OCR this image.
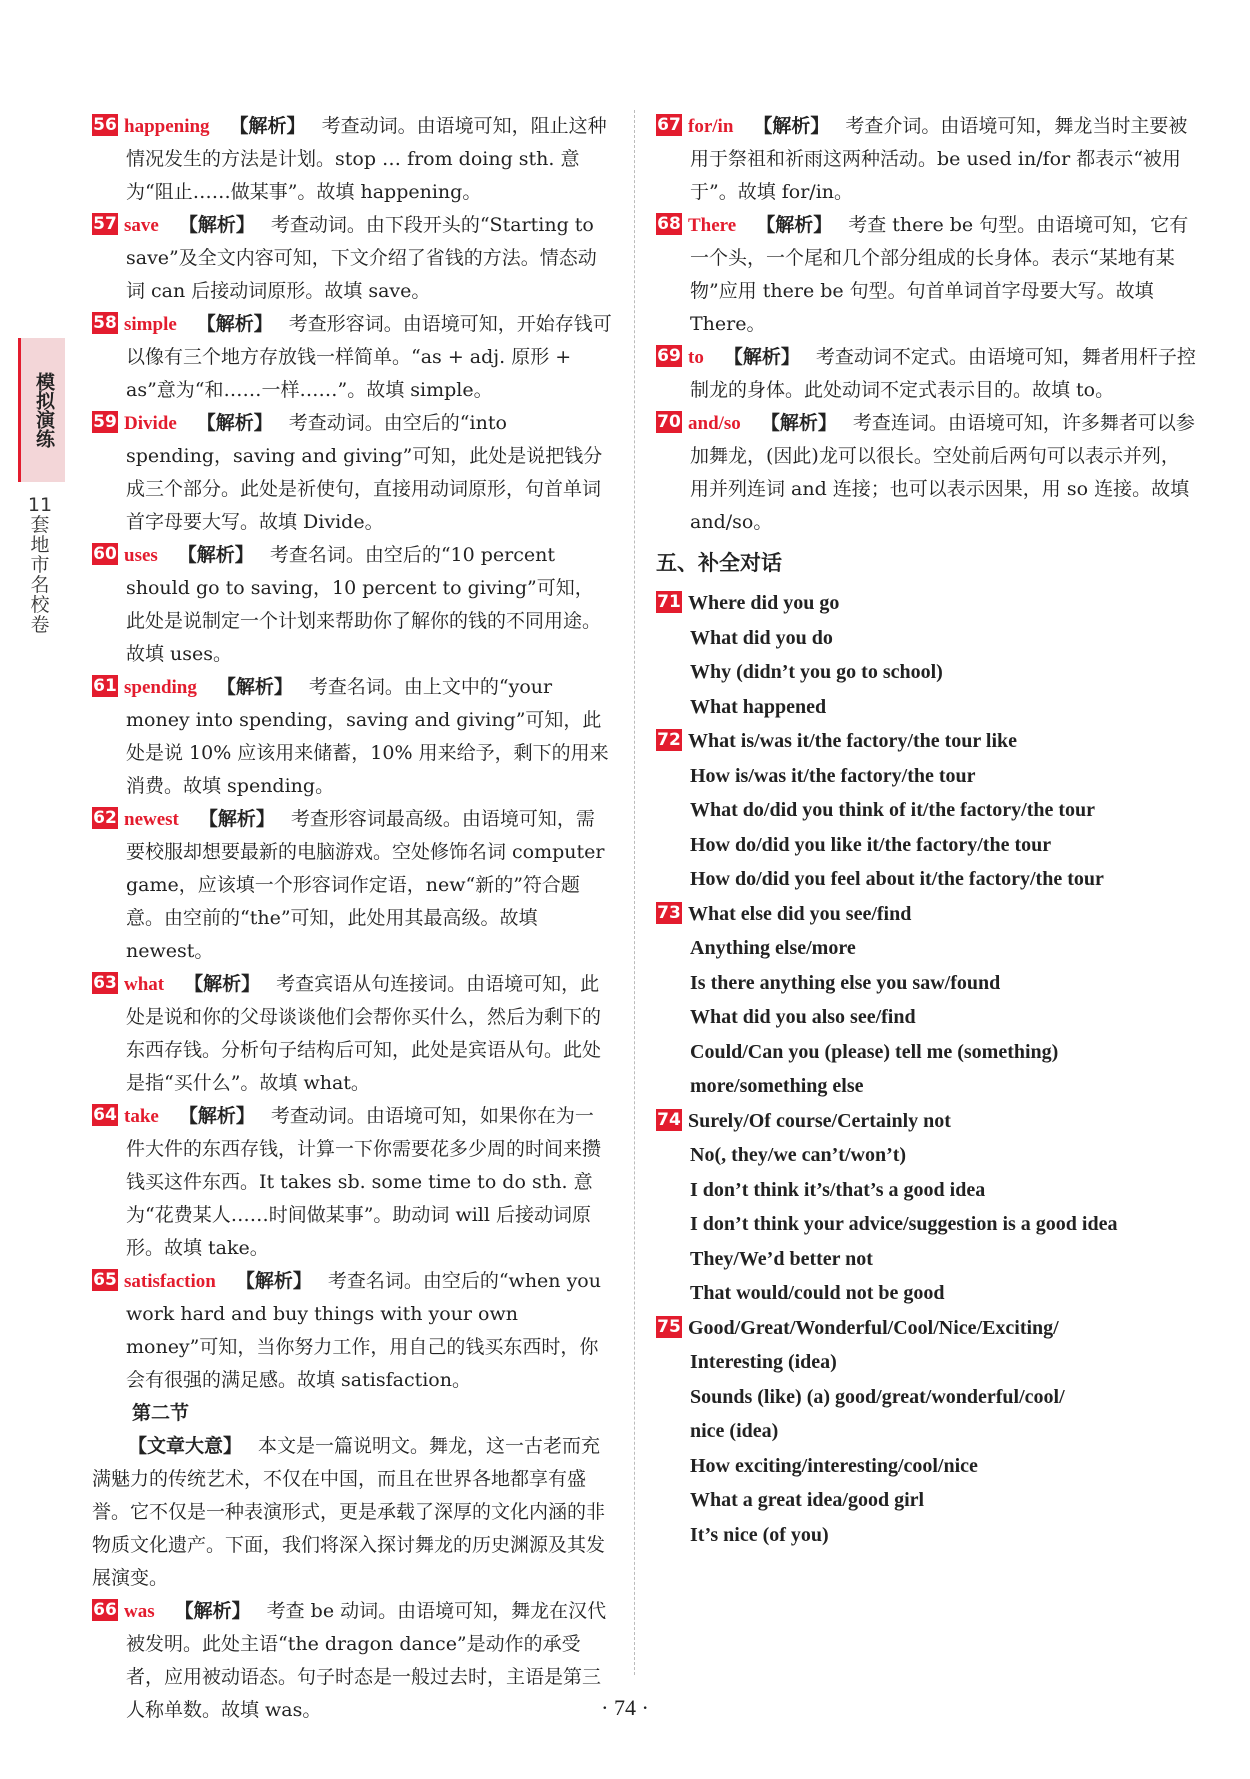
模拟演练
11
套
地
市
名
校
卷
56 happening 【解析】 考查动词。由语境可知，阻止这种情况发生的方法是计划。stop … from doing sth. 意为“阻止……做某事”。故填 happening。
57 save 【解析】 考查动词。由下段开头的“Starting to save”及全文内容可知，下文介绍了省钱的方法。情态动词 can 后接动词原形。故填 save。
58 simple 【解析】 考查形容词。由语境可知，开始存钱可以像有三个地方存放钱一样简单。“as + adj. 原形 + as”意为“和……一样……”。故填 simple。
59 Divide 【解析】 考查动词。由空后的“into spending，saving and giving”可知，此处是说把钱分成三个部分。此处是祈使句，直接用动词原形，句首单词首字母要大写。故填 Divide。
60 uses 【解析】 考查名词。由空后的“10 percent should go to saving，10 percent to giving”可知，此处是说制定一个计划来帮助你了解你的钱的不同用途。故填 uses。
61 spending 【解析】 考查名词。由上文中的“your money into spending，saving and giving”可知，此处是说 10% 应该用来储蓄，10% 用来给予，剩下的用来消费。故填 spending。
62 newest 【解析】 考查形容词最高级。由语境可知，需要校服却想要最新的电脑游戏。空处修饰名词 computer game，应该填一个形容词作定语，new“新的”符合题意。由空前的“the”可知，此处用其最高级。故填 newest。
63 what 【解析】 考查宾语从句连接词。由语境可知，此处是说和你的父母谈谈他们会帮你买什么，然后为剩下的东西存钱。分析句子结构后可知，此处是宾语从句。此处是指“买什么”。故填 what。
64 take 【解析】 考查动词。由语境可知，如果你在为一件大件的东西存钱，计算一下你需要花多少周的时间来攒钱买这件东西。It takes sb. some time to do sth. 意为“花费某人……时间做某事”。助动词 will 后接动词原形。故填 take。
65 satisfaction 【解析】 考查名词。由空后的“when you work hard and buy things with your own money”可知，当你努力工作，用自己的钱买东西时，你会有很强的满足感。故填 satisfaction。
第二节
【文章大意】 本文是一篇说明文。舞龙，这一古老而充满魅力的传统艺术，不仅在中国，而且在世界各地都享有盛誉。它不仅是一种表演形式，更是承载了深厚的文化内涵的非物质文化遗产。下面，我们将深入探讨舞龙的历史渊源及其发展演变。
66 was 【解析】 考查 be 动词。由语境可知，舞龙在汉代被发明。此处主语“the dragon dance”是动作的承受者，应用被动语态。句子时态是一般过去时，主语是第三人称单数。故填 was。
67 for/in 【解析】 考查介词。由语境可知，舞龙当时主要被用于祭祖和祈雨这两种活动。be used in/for 都表示“被用于”。故填 for/in。
68 There 【解析】 考查 there be 句型。由语境可知，它有一个头，一个尾和几个部分组成的长身体。表示“某地有某物”应用 there be 句型。句首单词首字母要大写。故填 There。
69 to 【解析】 考查动词不定式。由语境可知，舞者用杆子控制龙的身体。此处动词不定式表示目的。故填 to。
70 and/so 【解析】 考查连词。由语境可知，许多舞者可以参加舞龙，(因此)龙可以很长。空处前后两句可以表示并列，用并列连词 and 连接；也可以表示因果，用 so 连接。故填 and/so。
五、补全对话
71 Where did you go
What did you do
Why (didn’t you go to school)
What happened
72 What is/was it/the factory/the tour like
How is/was it/the factory/the tour
What do/did you think of it/the factory/the tour
How do/did you like it/the factory/the tour
How do/did you feel about it/the factory/the tour
73 What else did you see/find
Anything else/more
Is there anything else you saw/found
What did you also see/find
Could/Can you (please) tell me (something)
more/something else
74 Surely/Of course/Certainly not
No(, they/we can’t/won’t)
I don’t think it’s/that’s a good idea
I don’t think your advice/suggestion is a good idea
They/We’d better not
That would/could not be good
75 Good/Great/Wonderful/Cool/Nice/Exciting/
Interesting (idea)
Sounds (like) (a) good/great/wonderful/cool/
nice (idea)
How exciting/interesting/cool/nice
What a great idea/good girl
It’s nice (of you)
· 74 ·
